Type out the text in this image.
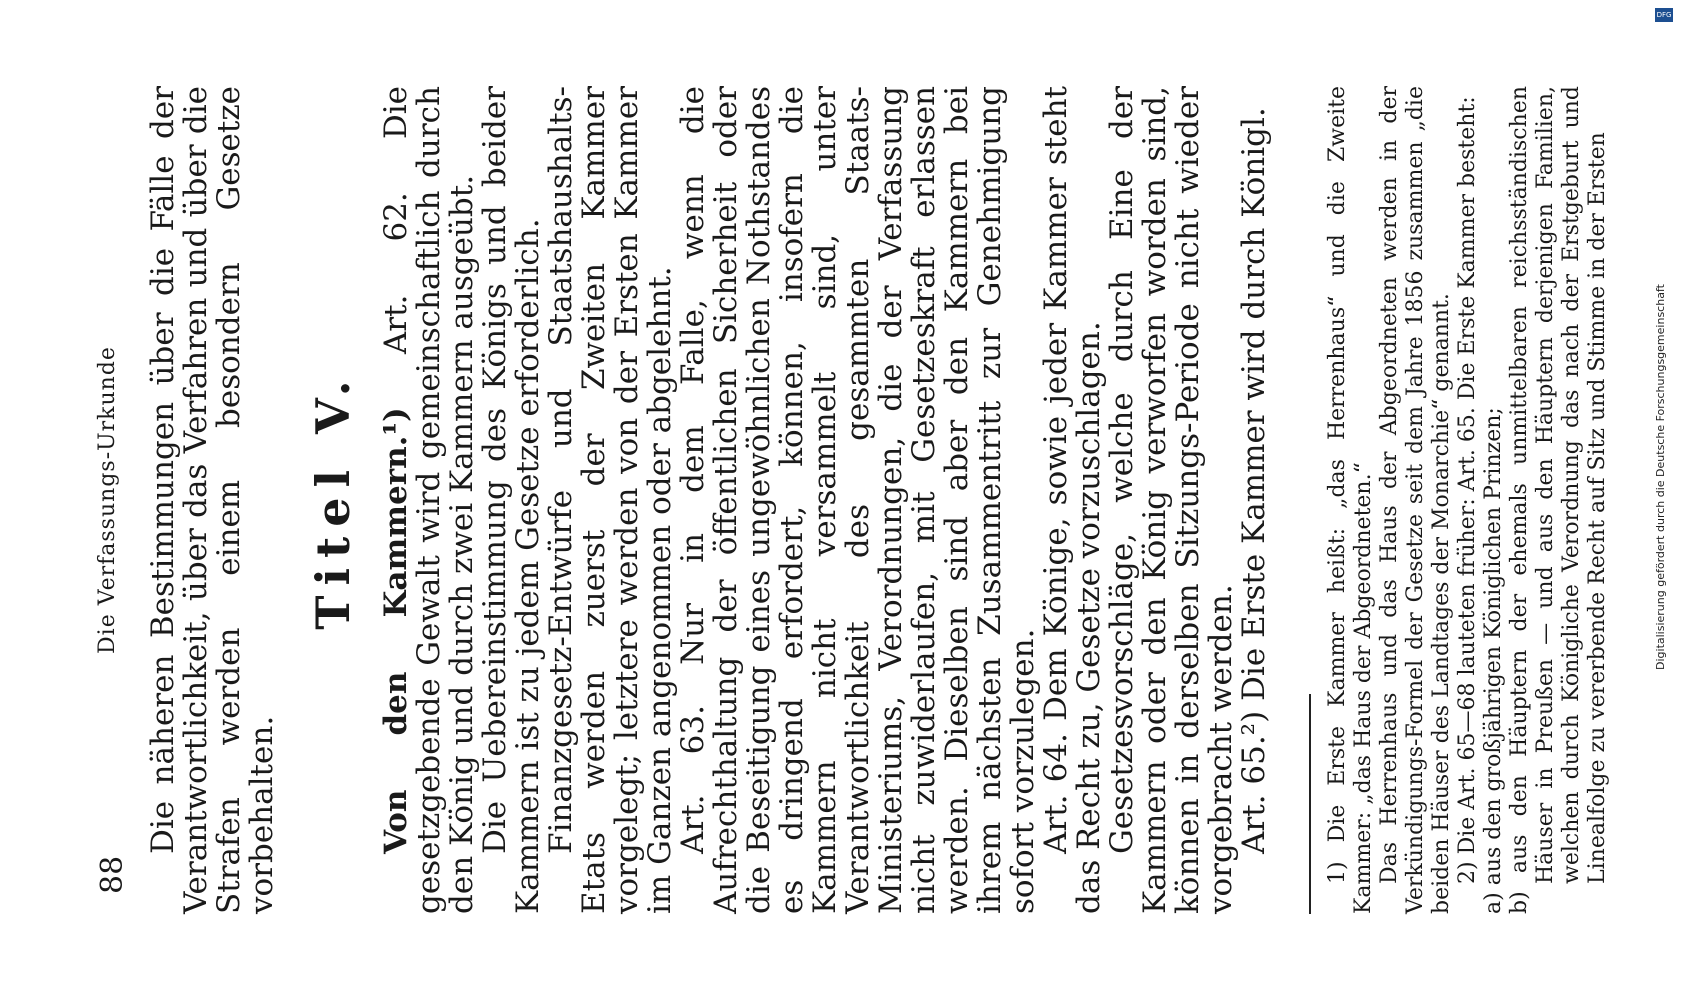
88
Die Verfassungs-Urkunde Die näheren Bestimmungen über die Fälle der Verantwortlichkeit, über das Verfahren und über die Strafen werden einem besondern Gesetze vorbehalten.

Titel V. Von den Kammern.¹) Art. 62. Die gesetzgebende Gewalt wird gemeinschaftlich durch den König und durch zwei Kammern ausgeübt.

Die Uebereinstimmung des Königs und beider Kammern ist zu jedem Gesetze erforderlich.

Finanzgesetz-Entwürfe und Staatshaushalts-Etats werden zuerst der Zweiten Kammer vorgelegt; letztere werden von der Ersten Kammer im Ganzen angenommen oder abgelehnt.

Art. 63. Nur in dem Falle, wenn die Aufrechthaltung der öffentlichen Sicherheit oder die Beseitigung eines ungewöhnlichen Nothstandes es dringend erfordert, können, insofern die Kammern nicht versammelt sind, unter Verantwortlichkeit des gesammten Staats-Ministeriums, Verordnungen, die der Verfassung nicht zuwiderlaufen, mit Gesetzeskraft erlassen werden. Dieselben sind aber den Kammern bei ihrem nächsten Zusammentritt zur Genehmigung sofort vorzulegen.

Art. 64. Dem Könige, sowie jeder Kammer steht das Recht zu, Gesetze vorzuschlagen.

Gesetzesvorschläge, welche durch Eine der Kammern oder den König verworfen worden sind, können in derselben Sitzungs-Periode nicht wieder vorgebracht werden.

Art. 65.²) Die Erste Kammer wird durch Königl. 1) Die Erste Kammer heißt: „das Herrenhaus“ und die Zweite Kammer: „das Haus der Abgeordneten.“ Das Herrenhaus und das Haus der Abgeordneten werden in der Verkündigungs-Formel der Gesetze seit dem Jahre 1856 zusammen „die beiden Häuser des Landtages der Monarchie“ genannt. 2) Die Art. 65—68 lauteten früher: Art. 65. Die Erste Kammer besteht: a) aus den großjährigen Königlichen Prinzen; b) aus den Häuptern der ehemals unmittelbaren reichsständischen Häuser in Preußen — und aus den Häuptern derjenigen Familien, welchen durch Königliche Verordnung das nach der Erstgeburt und Linealfolge zu vererbende Recht auf Sitz und Stimme in der Ersten

DFG
Digitalisierung gefördert durch die Deutsche Forschungsgemeinschaft
